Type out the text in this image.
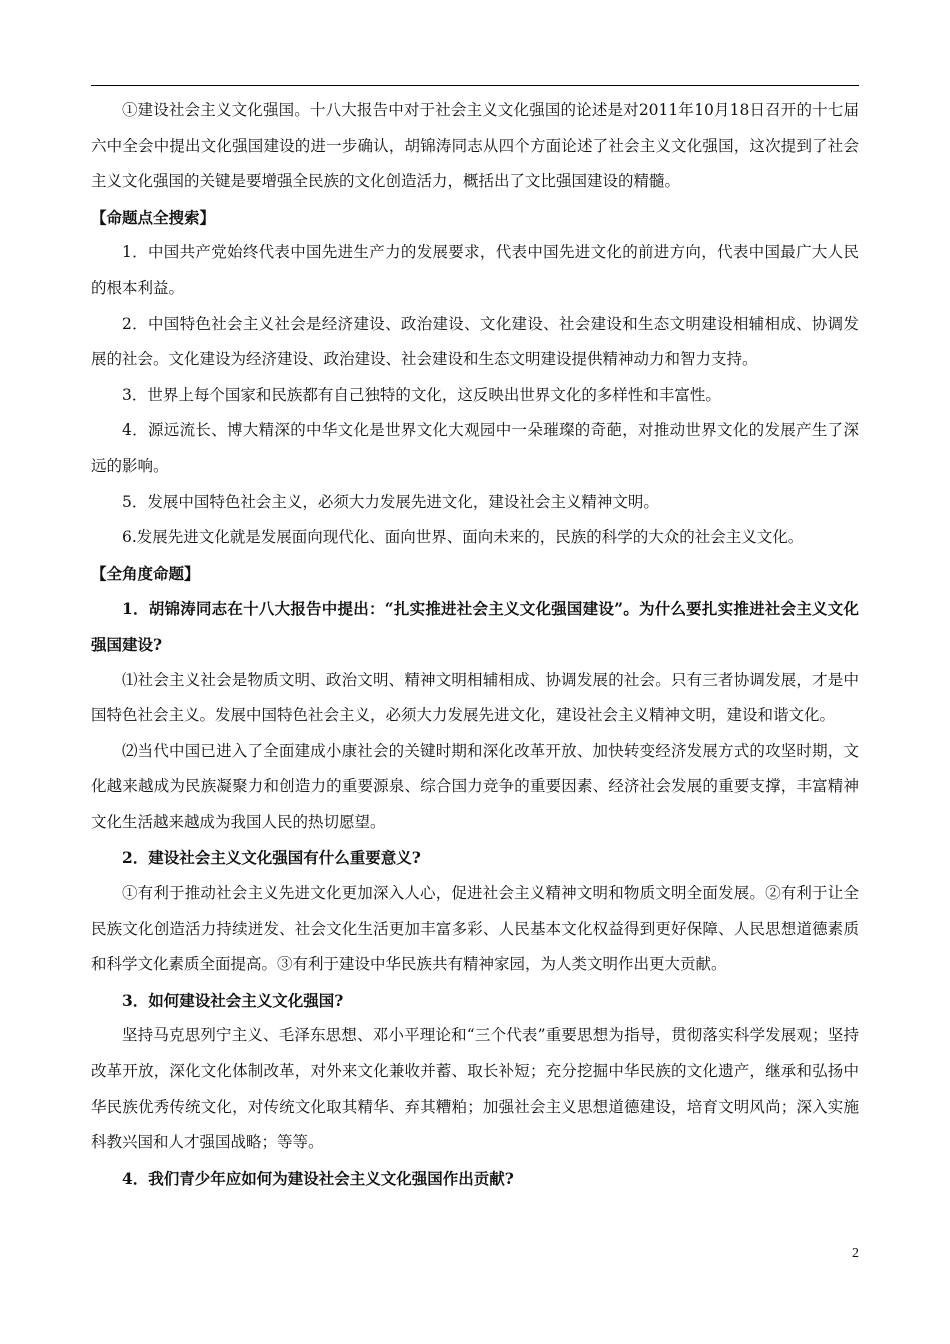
①建设社会主义文化强国。十八大报告中对于社会主义文化强国的论述是对2011年10月18日召开的十七届六中全会中提出文化强国建设的进一步确认，胡锦涛同志从四个方面论述了社会主义文化强国，这次提到了社会主义文化强国的关键是要增强全民族的文化创造活力，概括出了文比强国建设的精髓。

【命题点全搜索】

1．中国共产党始终代表中国先进生产力的发展要求，代表中国先进文化的前进方向，代表中国最广大人民的根本利益。

2．中国特色社会主义社会是经济建设、政治建设、文化建设、社会建设和生态文明建设相辅相成、协调发展的社会。文化建设为经济建设、政治建设、社会建设和生态文明建设提供精神动力和智力支持。

3．世界上每个国家和民族都有自己独特的文化，这反映出世界文化的多样性和丰富性。

4．源远流长、博大精深的中华文化是世界文化大观园中一朵璀璨的奇葩，对推动世界文化的发展产生了深远的影响。

5．发展中国特色社会主义，必须大力发展先进文化，建设社会主义精神文明。

6.发展先进文化就是发展面向现代化、面向世界、面向未来的，民族的科学的大众的社会主义文化。

【全角度命题】

1．胡锦涛同志在十八大报告中提出：“扎实推进社会主义文化强国建设”。为什么要扎实推进社会主义文化强国建设?

⑴社会主义社会是物质文明、政治文明、精神文明相辅相成、协调发展的社会。只有三者协调发展，才是中国特色社会主义。发展中国特色社会主义，必须大力发展先进文化，建设社会主义精神文明，建设和谐文化。

⑵当代中国已进入了全面建成小康社会的关键时期和深化改革开放、加快转变经济发展方式的攻坚时期，文化越来越成为民族凝聚力和创造力的重要源泉、综合国力竞争的重要因素、经济社会发展的重要支撑，丰富精神文化生活越来越成为我国人民的热切愿望。

2．建设社会主义文化强国有什么重要意义?

①有利于推动社会主义先进文化更加深入人心，促进社会主义精神文明和物质文明全面发展。②有利于让全民族文化创造活力持续迸发、社会文化生活更加丰富多彩、人民基本文化权益得到更好保障、人民思想道德素质和科学文化素质全面提高。③有利于建设中华民族共有精神家园，为人类文明作出更大贡献。

3．如何建设社会主义文化强国?

坚持马克思列宁主义、毛泽东思想、邓小平理论和“三个代表”重要思想为指导，贯彻落实科学发展观；坚持改革开放，深化文化体制改革，对外来文化兼收并蓄、取长补短；充分挖掘中华民族的文化遗产，继承和弘扬中华民族优秀传统文化，对传统文化取其精华、弃其糟粕；加强社会主义思想道德建设，培育文明风尚；深入实施科教兴国和人才强国战略；等等。

4．我们青少年应如何为建设社会主义文化强国作出贡献?

2
